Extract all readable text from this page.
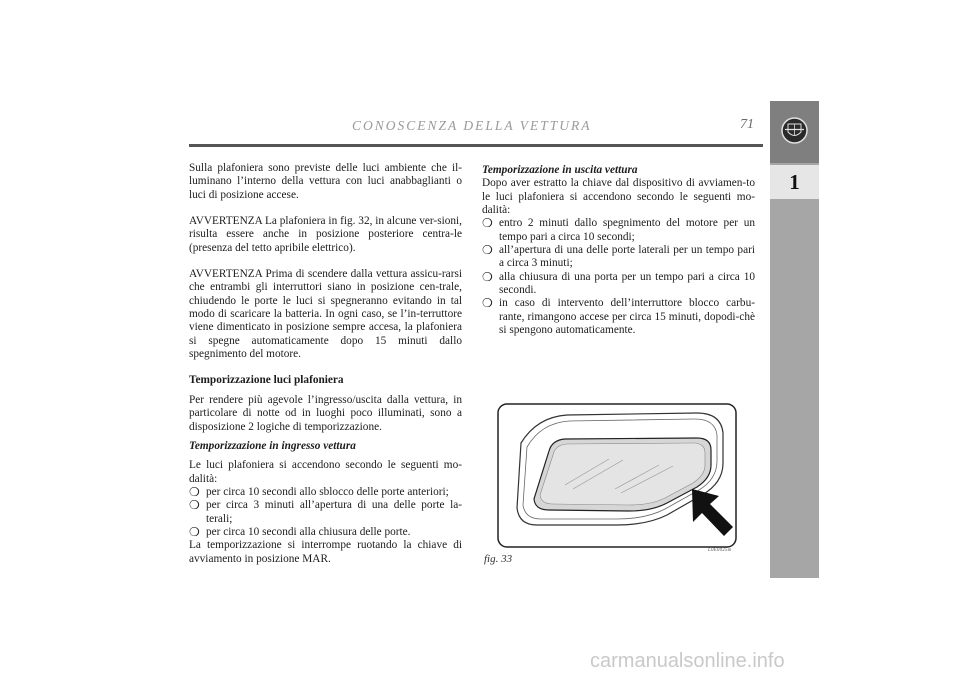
CONOSCENZA DELLA VETTURA	71
1

Sulla plafoniera sono previste delle luci ambiente che il-luminano l’interno della vettura con luci anabbaglianti o luci di posizione accese.

AVVERTENZA La plafoniera in fig. 32, in alcune ver-sioni, risulta essere anche in posizione posteriore centra-le (presenza del tetto apribile elettrico).

AVVERTENZA Prima di scendere dalla vettura assicu-rarsi che entrambi gli interruttori siano in posizione cen-trale, chiudendo le porte le luci si spegneranno evitando in tal modo di scaricare la batteria. In ogni caso, se l’in-terruttore viene dimenticato in posizione sempre accesa, la plafoniera si spegne automaticamente dopo 15 minuti dallo spegnimento del motore.

Temporizzazione luci plafoniera

Per rendere più agevole l’ingresso/uscita dalla vettura, in particolare di notte od in luoghi poco illuminati, sono a disposizione 2 logiche di temporizzazione.

Temporizzazione in ingresso vettura

Le luci plafoniera si accendono secondo le seguenti mo-dalità:

❍ per circa 10 secondi allo sblocco delle porte anteriori;
❍ per circa 3 minuti all’apertura di una delle porte la-terali;
❍ per circa 10 secondi alla chiusura delle porte.

La temporizzazione si interrompe ruotando la chiave di avviamento in posizione MAR.

Temporizzazione in uscita vettura

Dopo aver estratto la chiave dal dispositivo di avviamen-to le luci plafoniera si accendono secondo le seguenti mo-dalità:

❍ entro 2 minuti dallo spegnimento del motore per un tempo pari a circa 10 secondi;
❍ all’apertura di una delle porte laterali per un tempo pari a circa 3 minuti;
❍ alla chiusura di una porta per un tempo pari a circa 10 secondi.
❍ in caso di intervento dell’interruttore blocco carbu-rante, rimangono accese per circa 15 minuti, dopodi-chè si spengono automaticamente.
fig. 33
L0E0025m
carmanualsonline.info
